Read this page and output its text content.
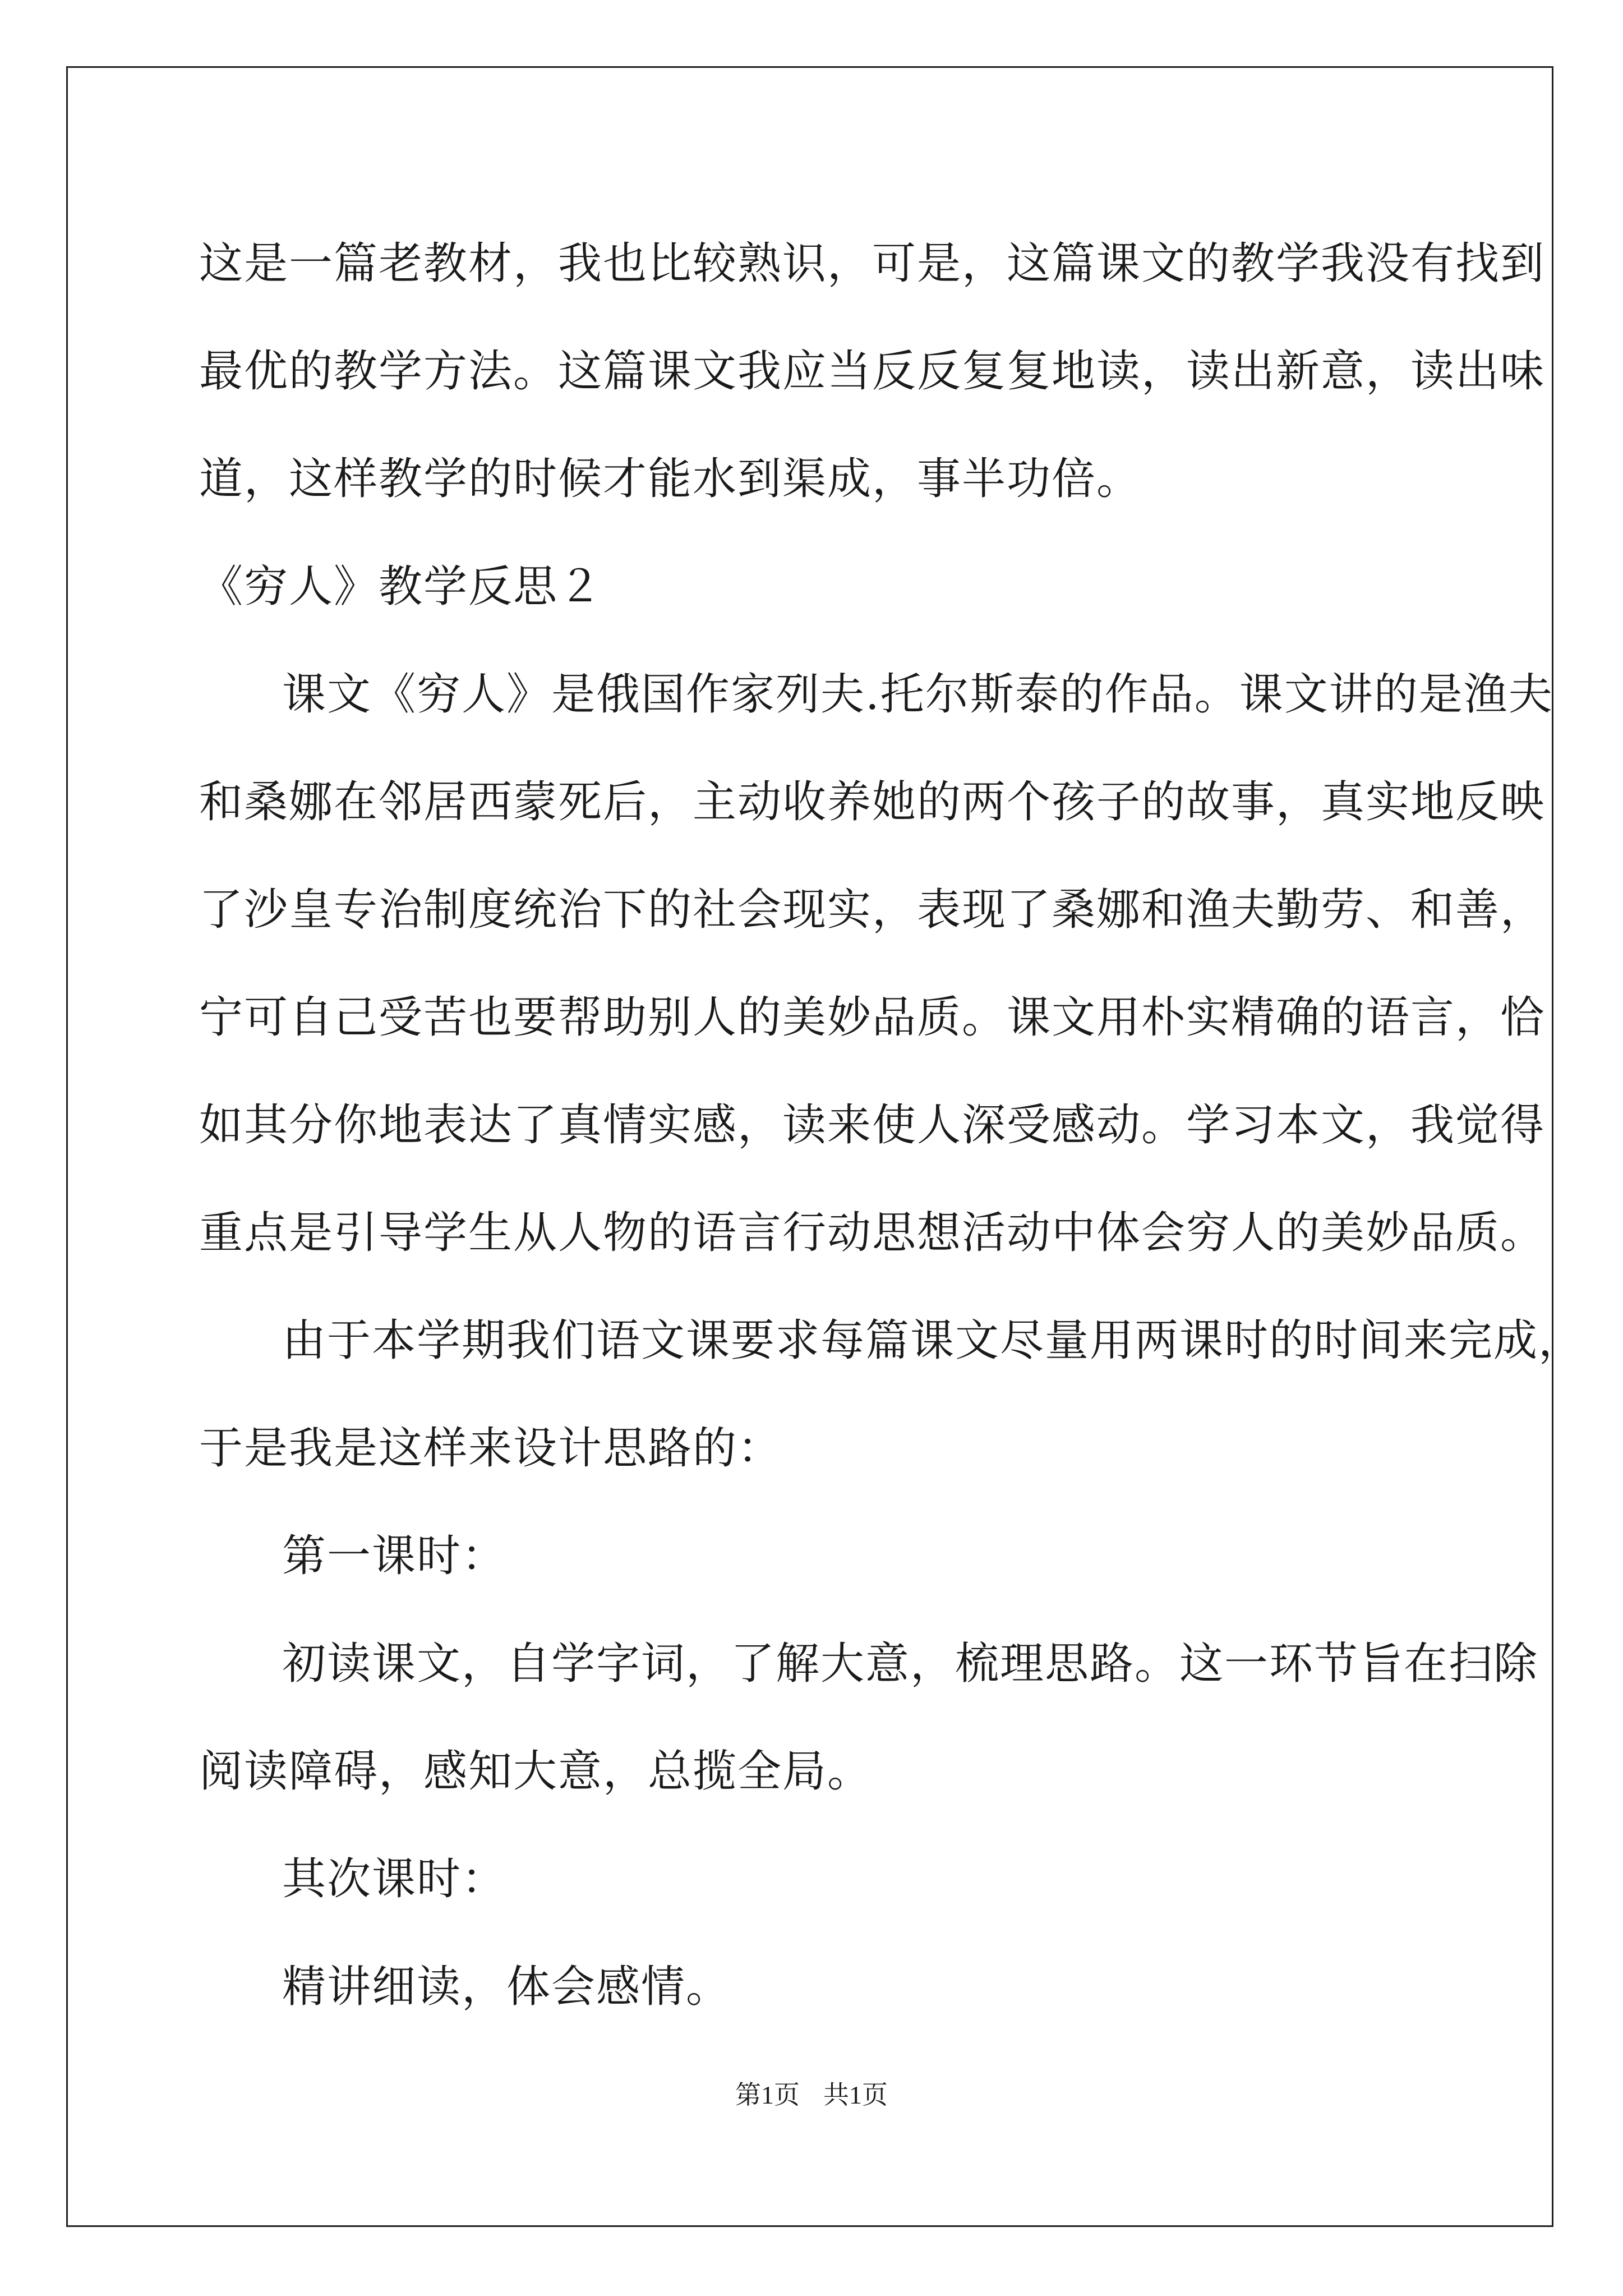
这是一篇老教材，我也比较熟识，可是，这篇课文的教学我没有找到
最优的教学方法。这篇课文我应当反反复复地读，读出新意，读出味
道，这样教学的时候才能水到渠成，事半功倍。
《穷人》教学反思２
课文《穷人》是俄国作家列夫.托尔斯泰的作品。课文讲的是渔夫
和桑娜在邻居西蒙死后，主动收养她的两个孩子的故事，真实地反映
了沙皇专治制度统治下的社会现实，表现了桑娜和渔夫勤劳、和善，
宁可自己受苦也要帮助别人的美妙品质。课文用朴实精确的语言，恰
如其分你地表达了真情实感，读来使人深受感动。学习本文，我觉得
重点是引导学生从人物的语言行动思想活动中体会穷人的美妙品质。
由于本学期我们语文课要求每篇课文尽量用两课时的时间来完成，
于是我是这样来设计思路的：
第一课时：
初读课文，自学字词，了解大意，梳理思路。这一环节旨在扫除
阅读障碍，感知大意，总揽全局。
其次课时：
精讲细读，体会感情。
第1页 共1页
